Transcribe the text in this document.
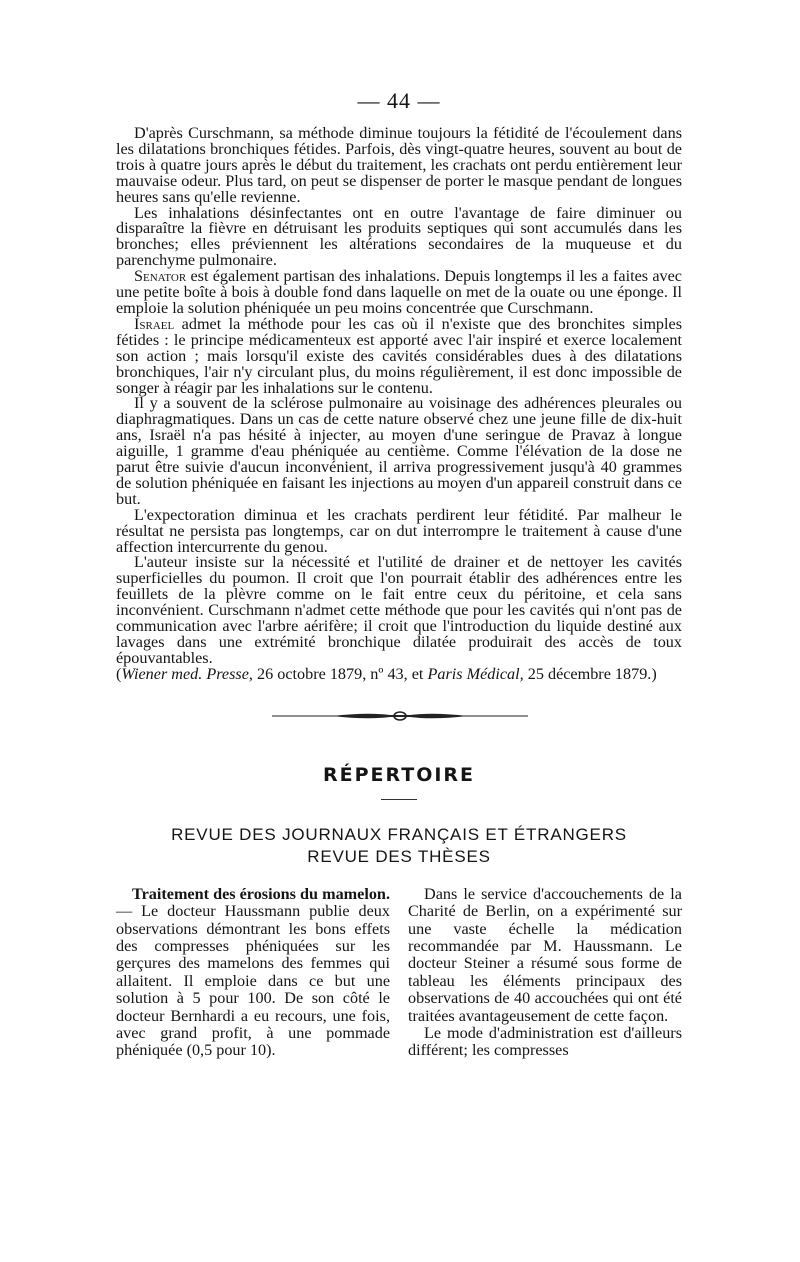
— 44 —

D'après Curschmann, sa méthode diminue toujours la fétidité de l'écoulement dans les dilatations bronchiques fétides. Parfois, dès vingt-quatre heures, souvent au bout de trois à quatre jours après le début du traitement, les crachats ont perdu entièrement leur mauvaise odeur. Plus tard, on peut se dispenser de porter le masque pendant de longues heures sans qu'elle revienne.

Les inhalations désinfectantes ont en outre l'avantage de faire diminuer ou disparaître la fièvre en détruisant les produits septiques qui sont accumulés dans les bronches; elles préviennent les altérations secondaires de la muqueuse et du parenchyme pulmonaire.

Senator est également partisan des inhalations. Depuis longtemps il les a faites avec une petite boîte à bois à double fond dans laquelle on met de la ouate ou une éponge. Il emploie la solution phéniquée un peu moins concentrée que Curschmann.

Israel admet la méthode pour les cas où il n'existe que des bronchites simples fétides : le principe médicamenteux est apporté avec l'air inspiré et exerce localement son action ; mais lorsqu'il existe des cavités considérables dues à des dilatations bronchiques, l'air n'y circulant plus, du moins régulièrement, il est donc impossible de songer à réagir par les inhalations sur le contenu.

Il y a souvent de la sclérose pulmonaire au voisinage des adhérences pleurales ou diaphragmatiques. Dans un cas de cette nature observé chez une jeune fille de dix-huit ans, Israël n'a pas hésité à injecter, au moyen d'une seringue de Pravaz à longue aiguille, 1 gramme d'eau phéniquée au centième. Comme l'élévation de la dose ne parut être suivie d'aucun inconvénient, il arriva progressivement jusqu'à 40 grammes de solution phéniquée en faisant les injections au moyen d'un appareil construit dans ce but.

L'expectoration diminua et les crachats perdirent leur fétidité. Par malheur le résultat ne persista pas longtemps, car on dut interrompre le traitement à cause d'une affection intercurrente du genou.

L'auteur insiste sur la nécessité et l'utilité de drainer et de nettoyer les cavités superficielles du poumon. Il croit que l'on pourrait établir des adhérences entre les feuillets de la plèvre comme on le fait entre ceux du péritoine, et cela sans inconvénient. Curschmann n'admet cette méthode que pour les cavités qui n'ont pas de communication avec l'arbre aérifère; il croit que l'introduction du liquide destiné aux lavages dans une extrémité bronchique dilatée produirait des accès de toux épouvantables.

(Wiener med. Presse, 26 octobre 1879, nº 43, et Paris Médical, 25 décembre 1879.)

RÉPERTOIRE
REVUE DES JOURNAUX FRANÇAIS ET ÉTRANGERS
REVUE DES THÈSES

Traitement des érosions du mamelon. — Le docteur Haussmann publie deux observations démontrant les bons effets des compresses phéniquées sur les gerçures des mamelons des femmes qui allaitent. Il emploie dans ce but une solution à 5 pour 100. De son côté le docteur Bernhardi a eu recours, une fois, avec grand profit, à une pommade phéniquée (0,5 pour 10).

Dans le service d'accouchements de la Charité de Berlin, on a expérimenté sur une vaste échelle la médication recommandée par M. Haussmann. Le docteur Steiner a résumé sous forme de tableau les éléments principaux des observations de 40 accouchées qui ont été traitées avantageusement de cette façon.

Le mode d'administration est d'ailleurs différent; les compresses
